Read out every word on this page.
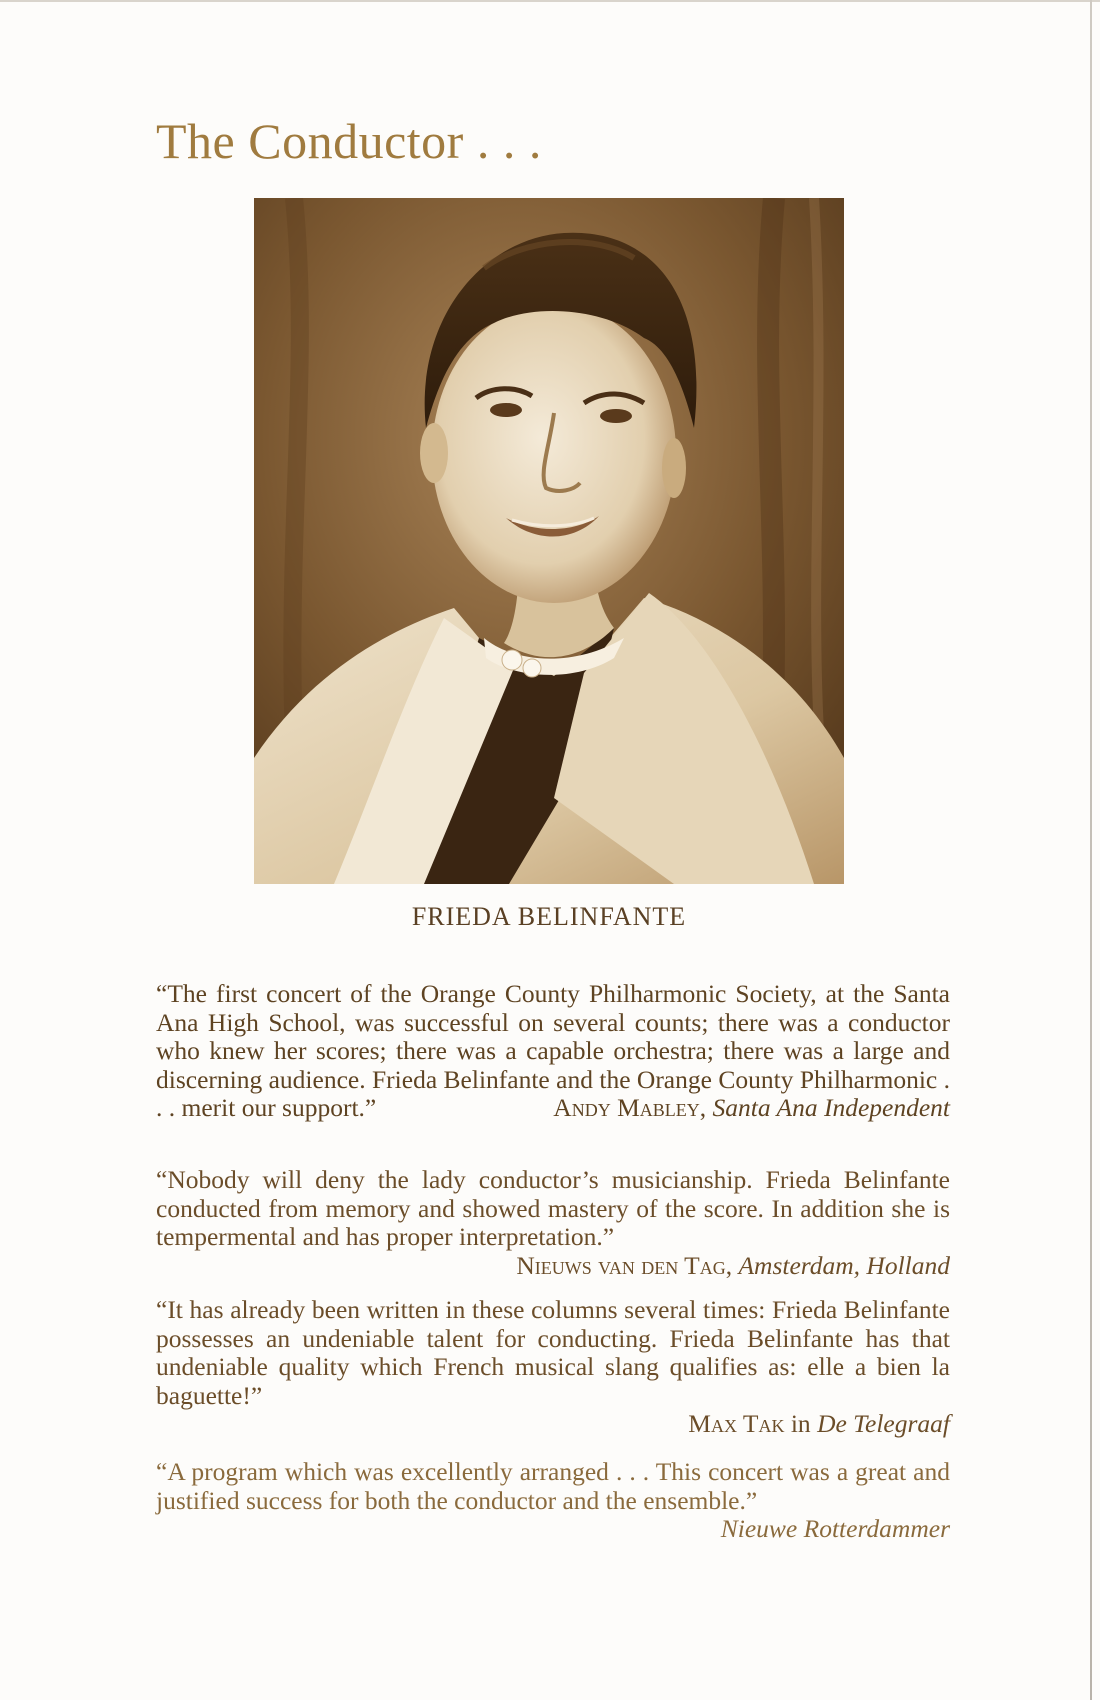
The Conductor . . .
FRIEDA BELINFANTE

“The first concert of the Orange County Philharmonic Society, at the Santa Ana High School, was successful on several counts; there was a conductor who knew her scores; there was a capable orchestra; there was a large and discerning audience. Frieda Belinfante and the Orange County Philharmonic . . . merit our support.”	Andy Mabley, Santa Ana Independent

“Nobody will deny the lady conductor’s musicianship. Frieda Belinfante conducted from memory and showed mastery of the score. In addition she is tempermental and has proper interpretation.”
Nieuws van den Tag, Amsterdam, Holland

“It has already been written in these columns several times: Frieda Belinfante possesses an undeniable talent for conducting. Frieda Belinfante has that undeniable quality which French musical slang qualifies as: elle a bien la baguette!”

Max Tak in De Telegraaf

“A program which was excellently arranged . . . This concert was a great and justified success for both the conductor and the ensemble.”
Nieuwe Rotterdammer
